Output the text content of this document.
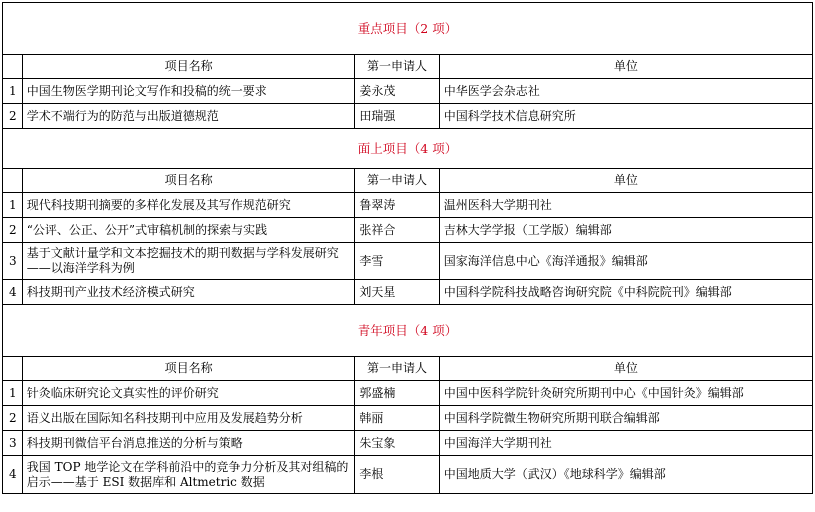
重点项目（2 项）			
	项目名称	第一申请人	单位
1	中国生物医学期刊论文写作和投稿的统一要求	姜永茂	中华医学会杂志社
2	学术不端行为的防范与出版道德规范	田瑞强	中国科学技术信息研究所
面上项目（4 项）			
	项目名称	第一申请人	单位
1	现代科技期刊摘要的多样化发展及其写作规范研究	鲁翠涛	温州医科大学期刊社
2	“公评、公正、公开”式审稿机制的探索与实践	张祥合	吉林大学学报（工学版）编辑部
3	基于文献计量学和文本挖掘技术的期刊数据与学科发展研究——以海洋学科为例	李雪	国家海洋信息中心《海洋通报》编辑部
4	科技期刊产业技术经济模式研究	刘天星	中国科学院科技战略咨询研究院《中科院院刊》编辑部
青年项目（4 项）			
	项目名称	第一申请人	单位
1	针灸临床研究论文真实性的评价研究	郭盛楠	中国中医科学院针灸研究所期刊中心《中国针灸》编辑部
2	语义出版在国际知名科技期刊中应用及发展趋势分析	韩丽	中国科学院微生物研究所期刊联合编辑部
3	科技期刊微信平台消息推送的分析与策略	朱宝象	中国海洋大学期刊社
4	我国 TOP 地学论文在学科前沿中的竞争力分析及其对组稿的启示——基于 ESI 数据库和 Altmetric 数据	李根	中国地质大学（武汉）《地球科学》编辑部
